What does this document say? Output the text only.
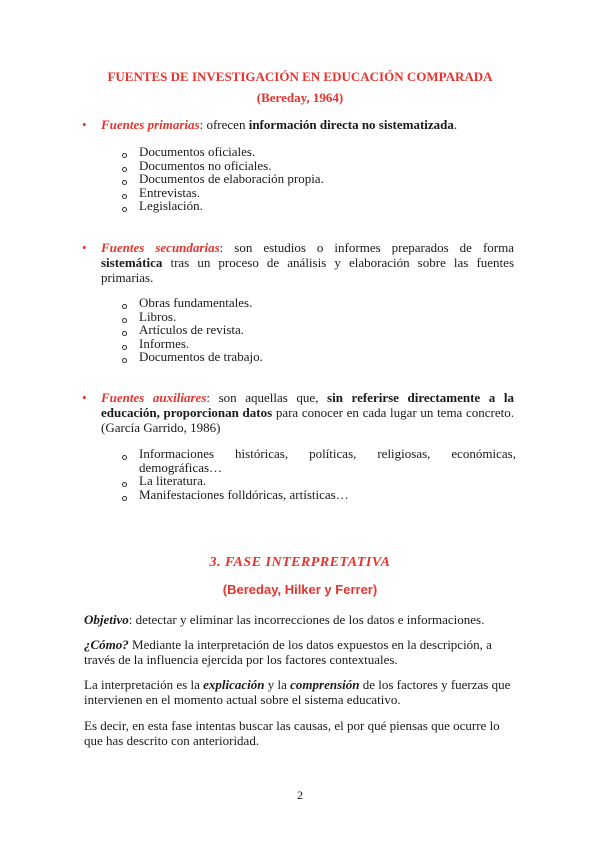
FUENTES DE INVESTIGACIÓN EN EDUCACIÓN COMPARADA
(Bereday, 1964)
• Fuentes primarias: ofrecen información directa no sistematizada.
Documentos oficiales.
Documentos no oficiales.
Documentos de elaboración propia.
Entrevistas.
Legislación.
• Fuentes secundarias: son estudios o informes preparados de forma sistemática tras un proceso de análisis y elaboración sobre las fuentes primarias.
Obras fundamentales.
Libros.
Artículos de revista.
Informes.
Documentos de trabajo.
• Fuentes auxiliares: son aquellas que, sin referirse directamente a la educación, proporcionan datos para conocer en cada lugar un tema concreto. (García Garrido, 1986)
Informaciones históricas, políticas, religiosas, económicas, demográficas…
La literatura.
Manifestaciones folldóricas, artísticas…
3. FASE INTERPRETATIVA
(Bereday, Hilker y Ferrer)
Objetivo: detectar y eliminar las incorrecciones de los datos e informaciones.
¿Cómo? Mediante la interpretación de los datos expuestos en la descripción, a través de la influencia ejercida por los factores contextuales.
La interpretación es la explicación y la comprensión de los factores y fuerzas que intervienen en el momento actual sobre el sistema educativo.
Es decir, en esta fase intentas buscar las causas, el por qué piensas que ocurre lo que has descrito con anterioridad.
2
